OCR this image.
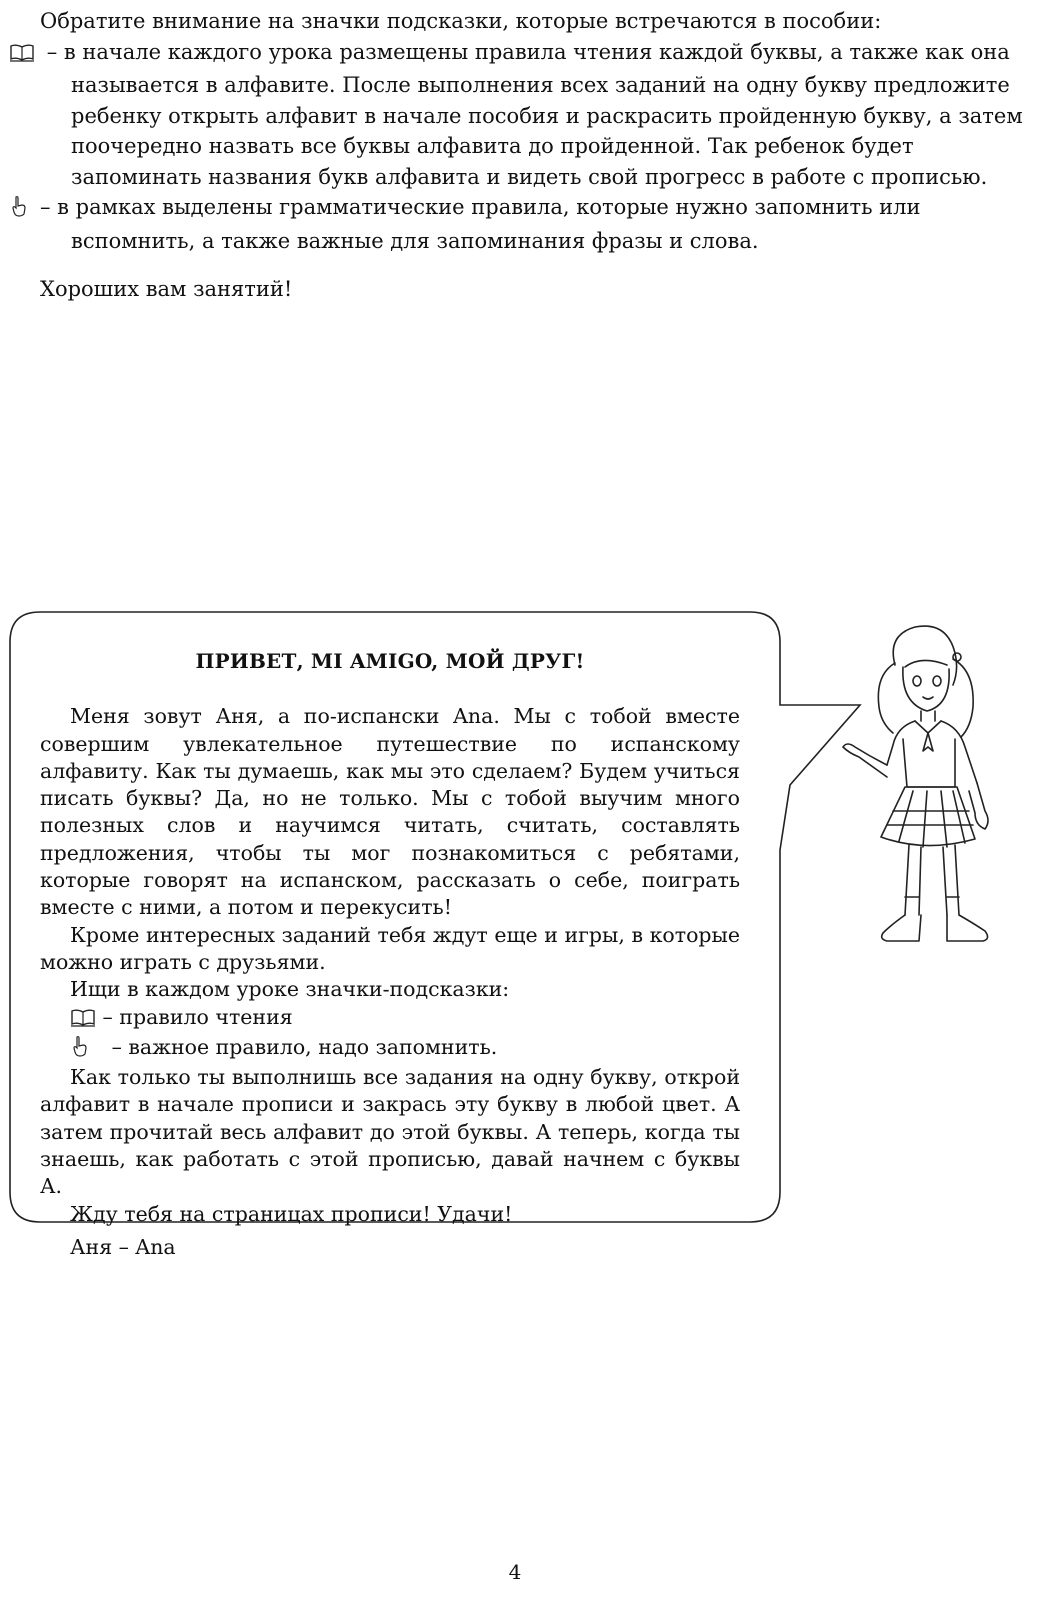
Обратите внимание на значки подсказки, которые встречаются в пособии:

– в начале каждого урока размещены правила чтения каждой буквы, а также как она называется в алфавите. После выполнения всех заданий на одну букву предложите ребенку открыть алфавит в начале пособия и раскрасить пройденную букву, а затем поочередно назвать все буквы алфавита до пройденной. Так ребенок будет запоминать названия букв алфавита и видеть свой прогресс в работе с прописью.

– в рамках выделены грамматические правила, которые нужно запомнить или вспомнить, а также важные для запоминания фразы и слова.

Хороших вам занятий!

ПРИВЕТ, MI AMIGO, МОЙ ДРУГ!

Меня зовут Аня, а по-испански Ana. Мы с тобой вместе совершим увлекательное путешествие по испанскому алфавиту. Как ты думаешь, как мы это сделаем? Будем учиться писать буквы? Да, но не только. Мы с тобой выучим много полезных слов и научимся читать, считать, составлять предложения, чтобы ты мог познакомиться с ребятами, которые говорят на испанском, рассказать о себе, поиграть вместе с ними, а потом и перекусить!

Кроме интересных заданий тебя ждут еще и игры, в которые можно играть с друзьями.

Ищи в каждом уроке значки-подсказки:

– правило чтения

– важное правило, надо запомнить.

Как только ты выполнишь все задания на одну букву, открой алфавит в начале прописи и закрась эту букву в любой цвет. А затем прочитай весь алфавит до этой буквы. А теперь, когда ты знаешь, как работать с этой прописью, давай начнем с буквы А.

Жду тебя на страницах прописи! Удачи!

Аня – Ana

4
